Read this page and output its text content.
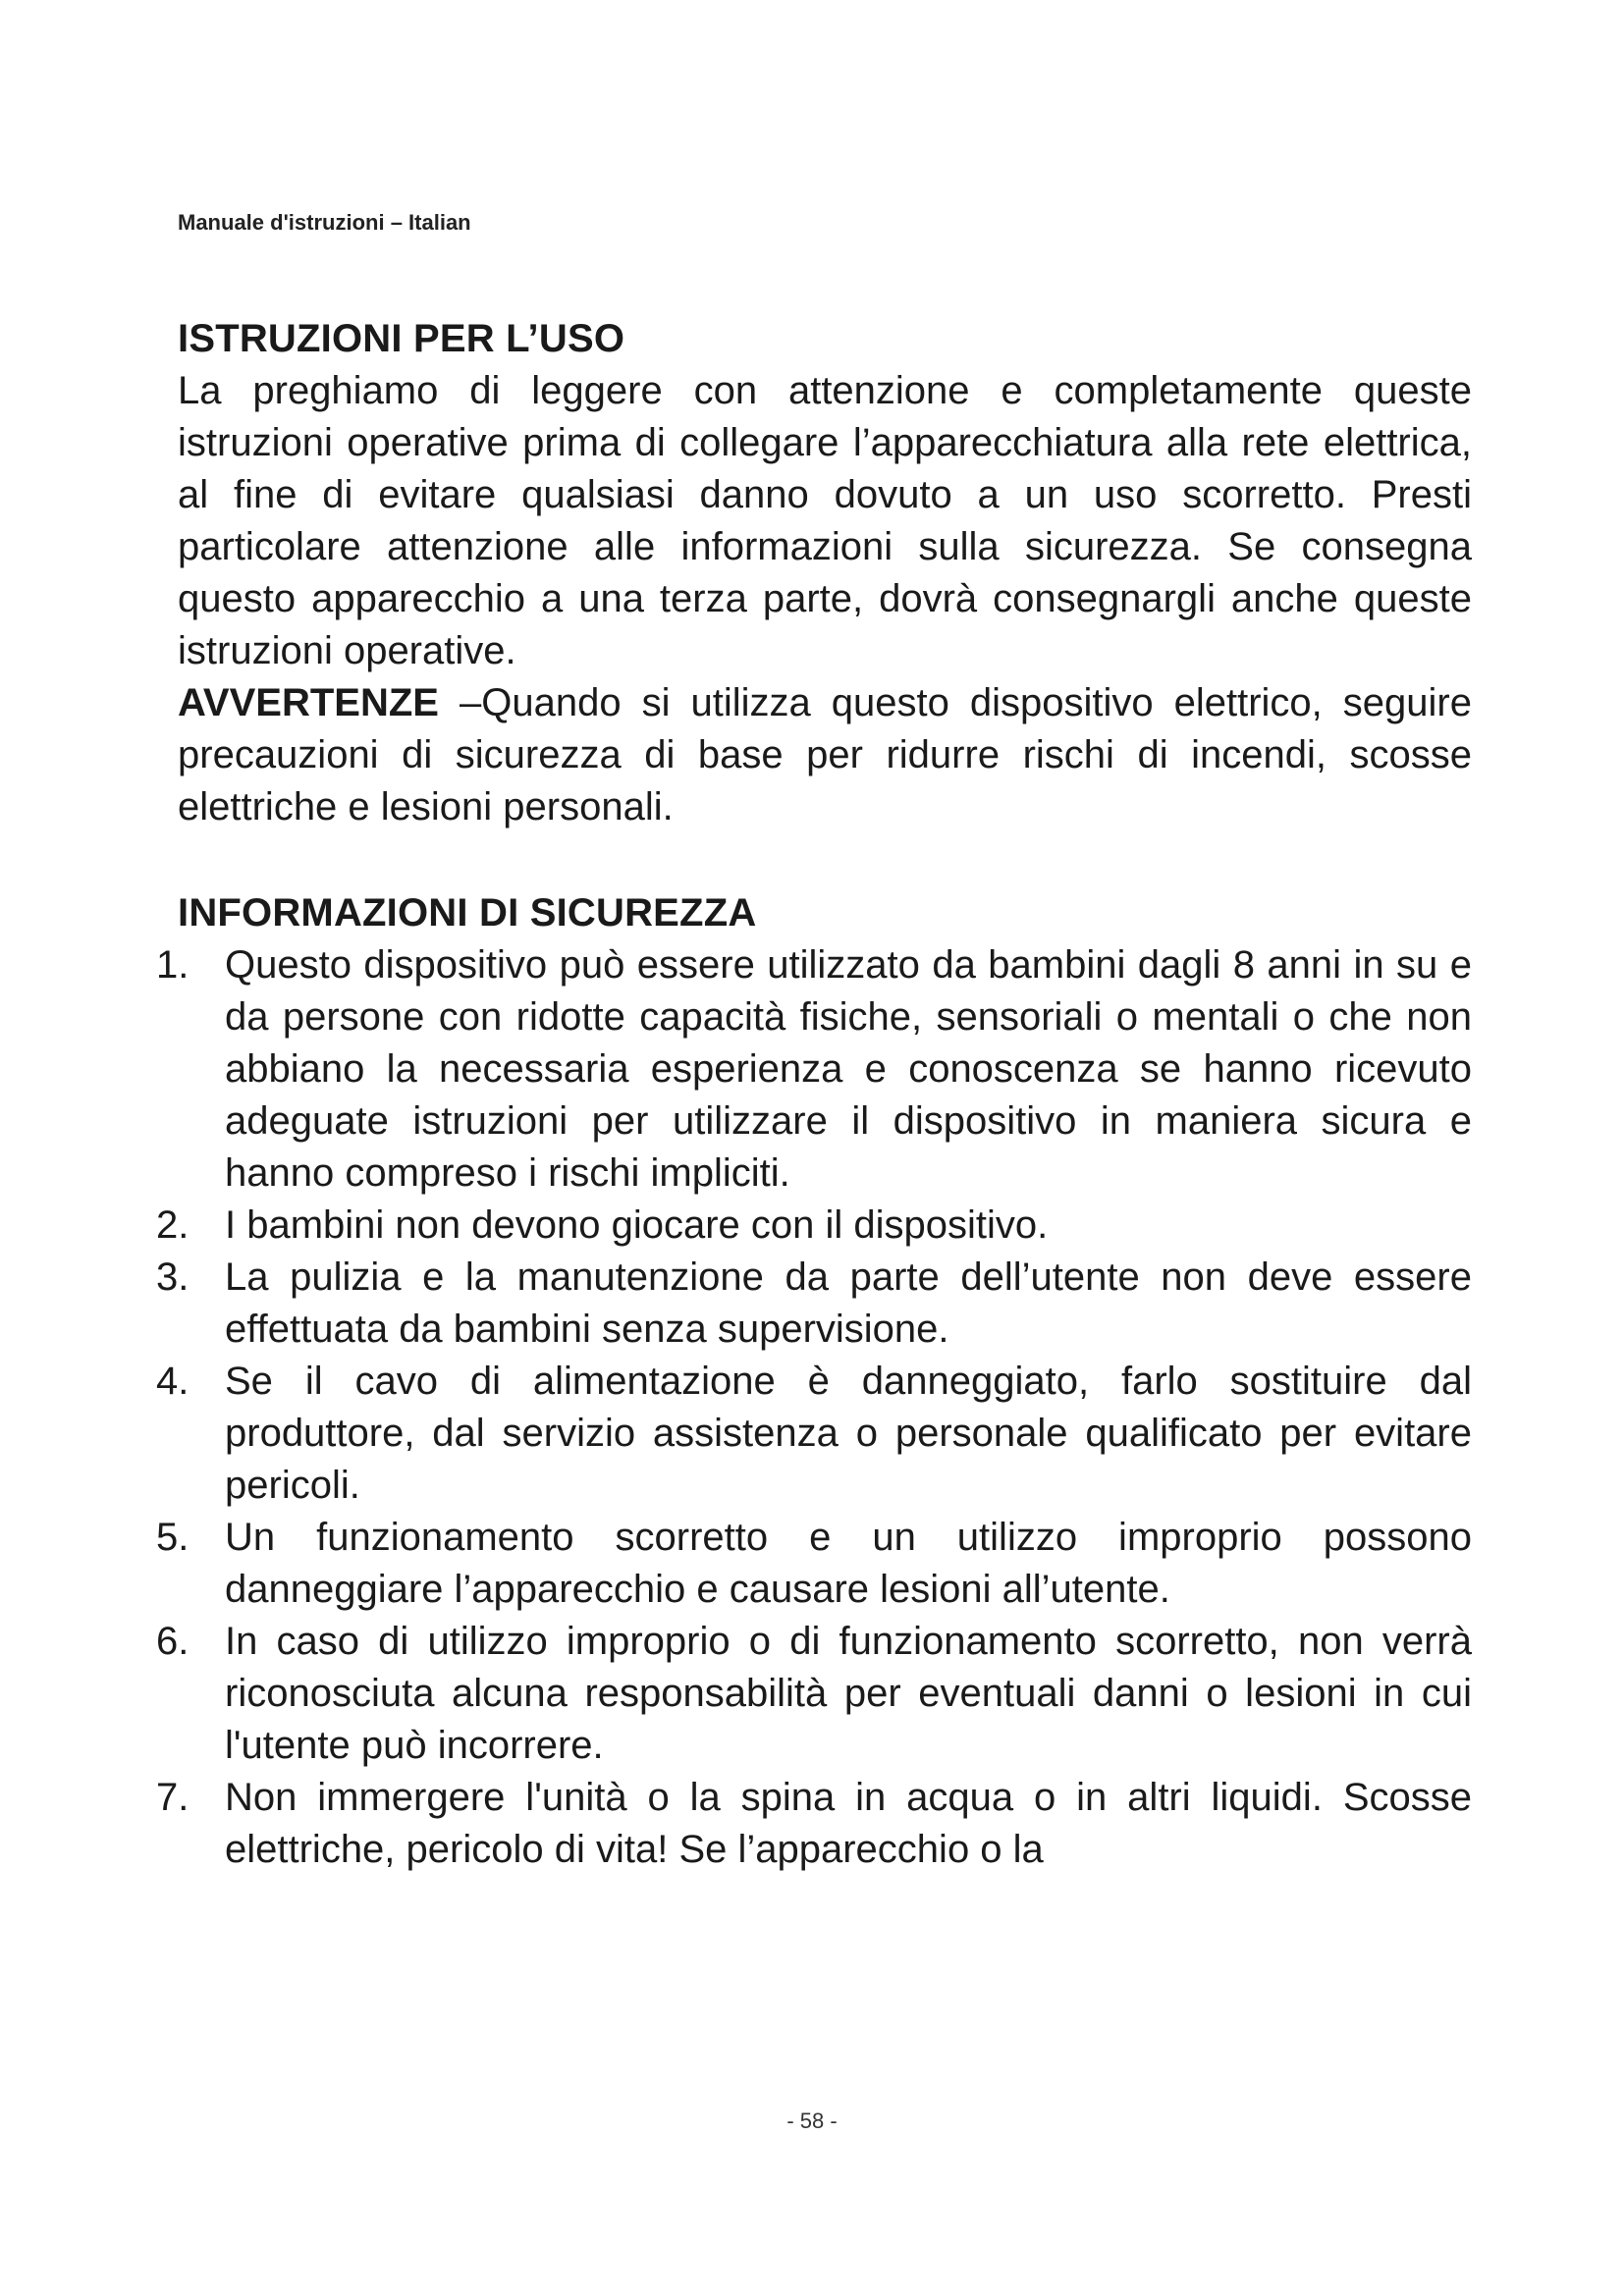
Manuale d'istruzioni – Italian
ISTRUZIONI PER L’USO

La preghiamo di leggere con attenzione e completamente queste istruzioni operative prima di collegare l’apparecchiatura alla rete elettrica, al fine di evitare qualsiasi danno dovuto a un uso scorretto. Presti particolare attenzione alle informazioni sulla sicurezza. Se consegna questo apparecchio a una terza parte, dovrà consegnargli anche queste istruzioni operative.

AVVERTENZE –Quando si utilizza questo dispositivo elettrico, seguire precauzioni di sicurezza di base per ridurre rischi di incendi, scosse elettriche e lesioni personali.

INFORMAZIONI DI SICUREZZA
1. Questo dispositivo può essere utilizzato da bambini dagli 8 anni in su e da persone con ridotte capacità fisiche, sensoriali o mentali o che non abbiano la necessaria esperienza e conoscenza se hanno ricevuto adeguate istruzioni per utilizzare il dispositivo in maniera sicura e hanno compreso i rischi impliciti.
2. I bambini non devono giocare con il dispositivo.
3. La pulizia e la manutenzione da parte dell’utente non deve essere effettuata da bambini senza supervisione.
4. Se il cavo di alimentazione è danneggiato, farlo sostituire dal produttore, dal servizio assistenza o personale qualificato per evitare pericoli.
5. Un funzionamento scorretto e un utilizzo improprio possono danneggiare l’apparecchio e causare lesioni all’utente.
6. In caso di utilizzo improprio o di funzionamento scorretto, non verrà riconosciuta alcuna responsabilità per eventuali danni o lesioni in cui l'utente può incorrere.
7. Non immergere l'unità o la spina in acqua o in altri liquidi. Scosse elettriche, pericolo di vita! Se l’apparecchio o la
- 58 -
